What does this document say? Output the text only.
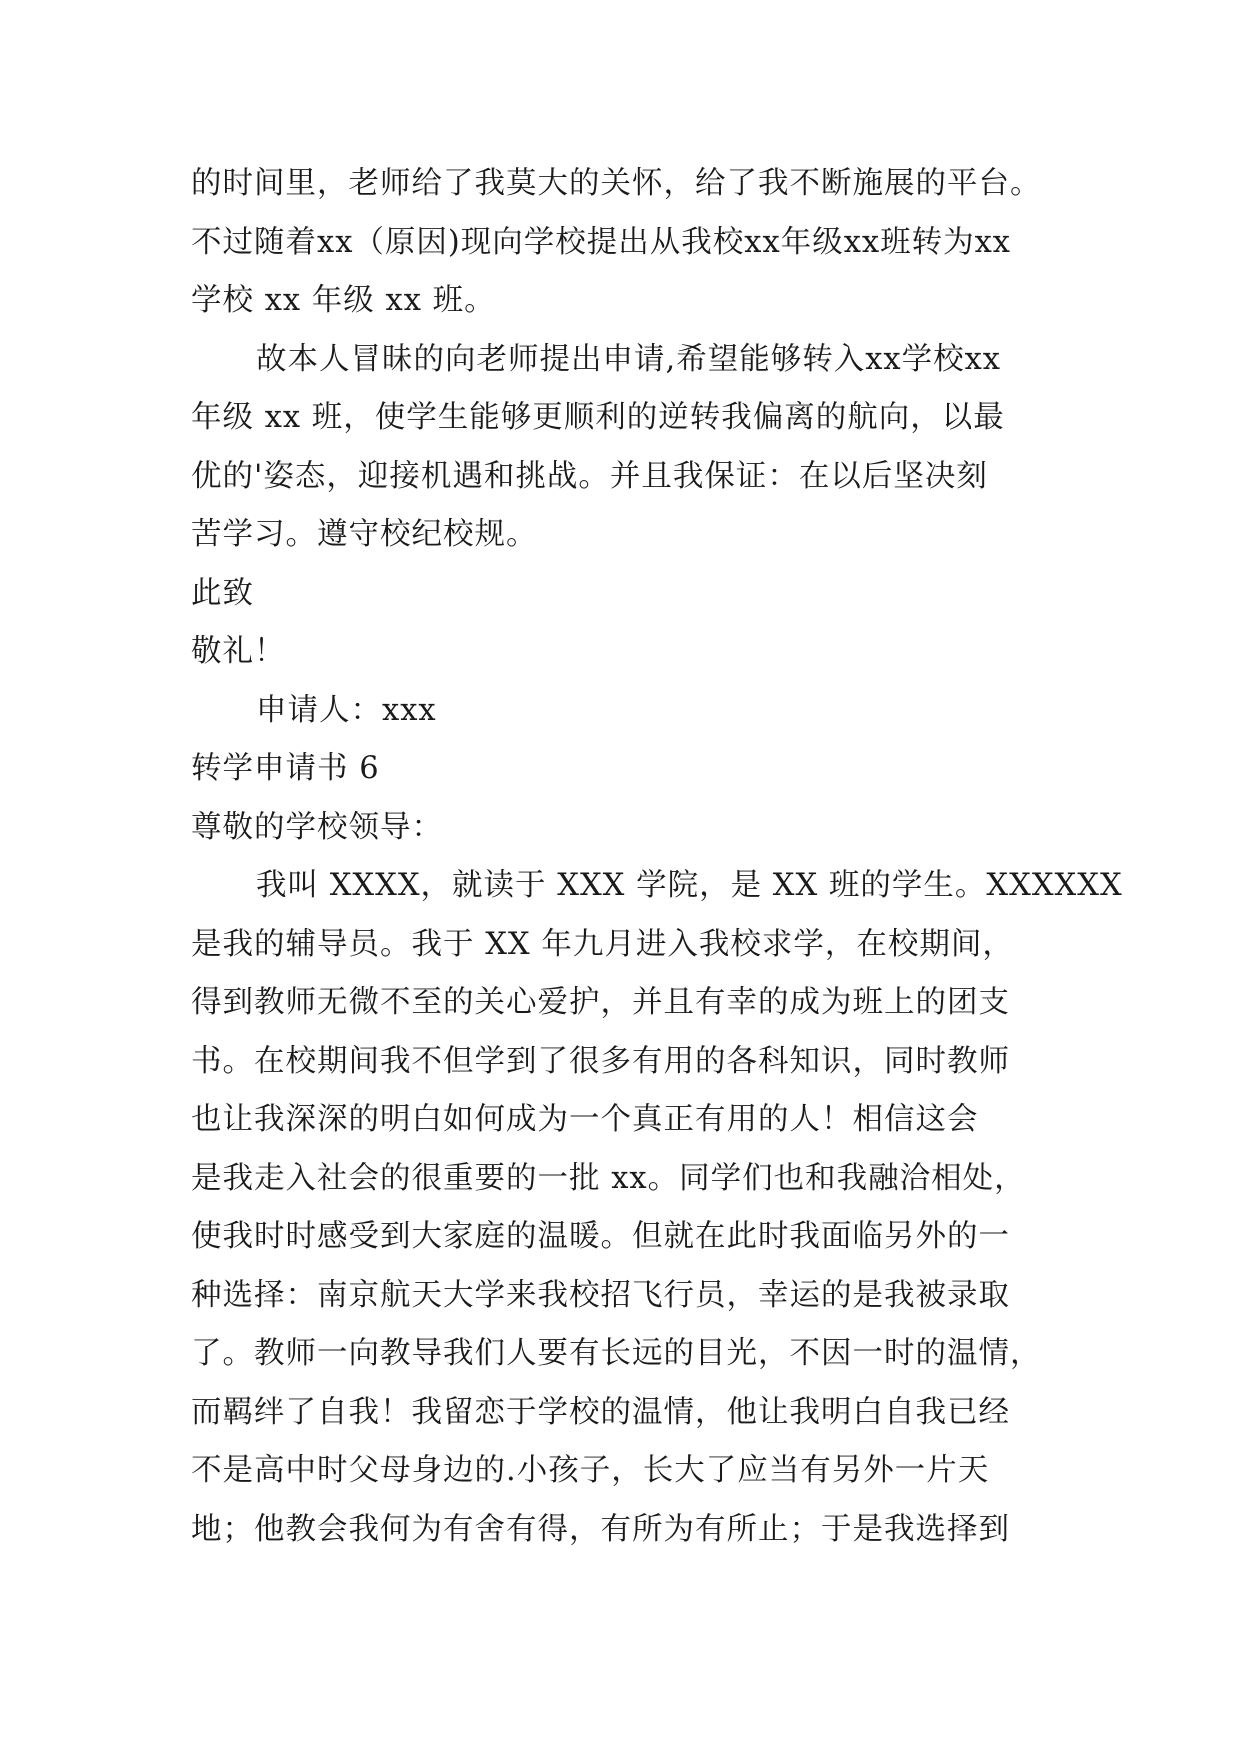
的时间里，老师给了我莫大的关怀，给了我不断施展的平台。
不过随着xx（原因)现向学校提出从我校xx年级xx班转为xx
学校 xx 年级 xx 班。
故本人冒昧的向老师提出申请,希望能够转入xx学校xx
年级 xx 班，使学生能够更顺利的逆转我偏离的航向，以最
优的'姿态，迎接机遇和挑战。并且我保证：在以后坚决刻
苦学习。遵守校纪校规。
此致
敬礼！
申请人：xxx
转学申请书 6
尊敬的学校领导：
我叫 XXXX，就读于 XXX 学院，是 XX 班的学生。XXXXXX
是我的辅导员。我于 XX 年九月进入我校求学，在校期间，
得到教师无微不至的关心爱护，并且有幸的成为班上的团支
书。在校期间我不但学到了很多有用的各科知识，同时教师
也让我深深的明白如何成为一个真正有用的人！相信这会
是我走入社会的很重要的一批 xx。同学们也和我融洽相处，
使我时时感受到大家庭的温暖。但就在此时我面临另外的一
种选择：南京航天大学来我校招飞行员，幸运的是我被录取
了。教师一向教导我们人要有长远的目光，不因一时的温情，
而羁绊了自我！我留恋于学校的温情，他让我明白自我已经
不是高中时父母身边的.小孩子，长大了应当有另外一片天
地；他教会我何为有舍有得，有所为有所止；于是我选择到
